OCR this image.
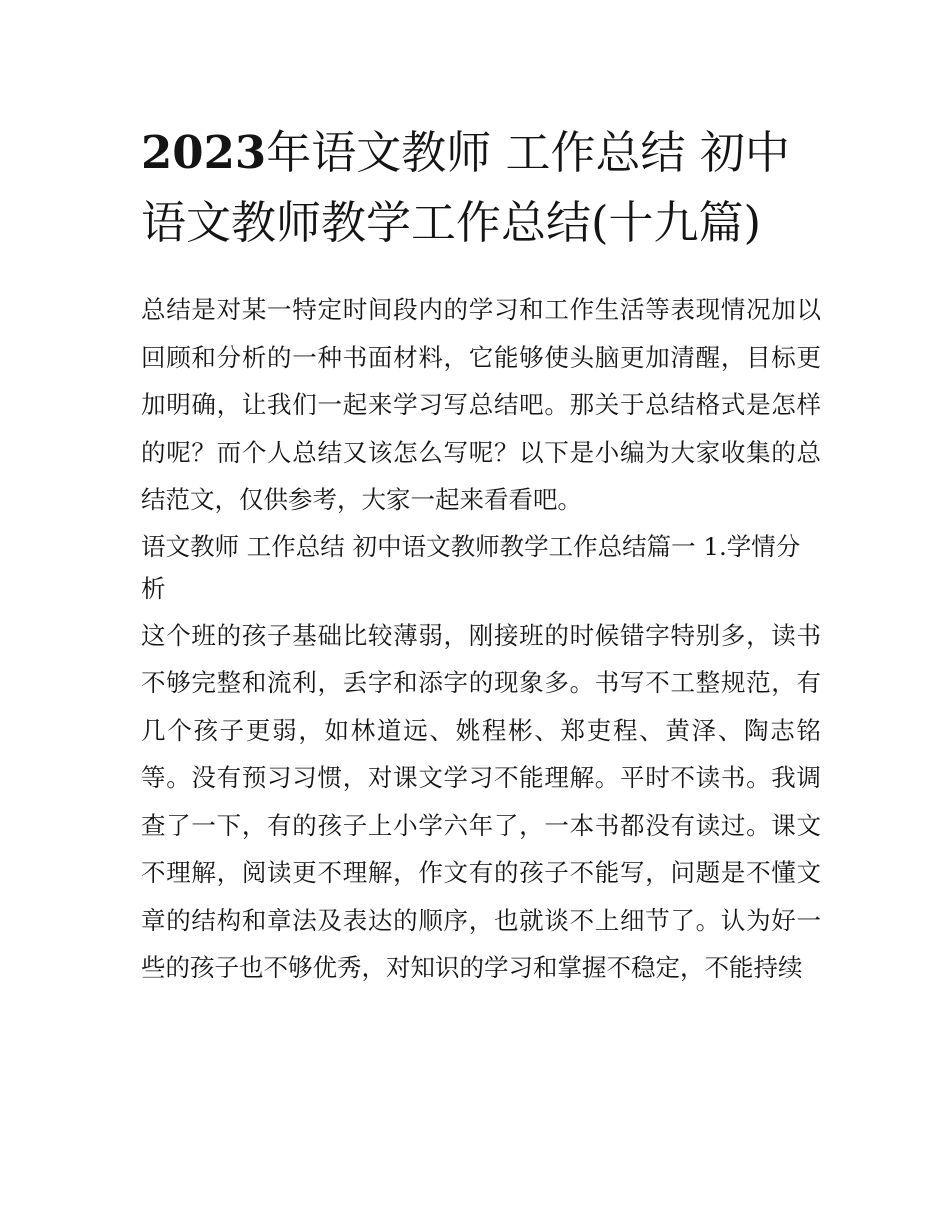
2023年语文教师 工作总结 初中语文教师教学工作总结(十九篇)

总结是对某一特定时间段内的学习和工作生活等表现情况加以回顾和分析的一种书面材料，它能够使头脑更加清醒，目标更加明确，让我们一起来学习写总结吧。那关于总结格式是怎样的呢？而个人总结又该怎么写呢？以下是小编为大家收集的总结范文，仅供参考，大家一起来看看吧。

语文教师 工作总结 初中语文教师教学工作总结篇一 1.学情分析

这个班的孩子基础比较薄弱，刚接班的时候错字特别多，读书不够完整和流利，丢字和添字的现象多。书写不工整规范，有几个孩子更弱，如林道远、姚程彬、郑吏程、黄泽、陶志铭等。没有预习习惯，对课文学习不能理解。平时不读书。我调查了一下，有的孩子上小学六年了，一本书都没有读过。课文不理解，阅读更不理解，作文有的孩子不能写，问题是不懂文章的结构和章法及表达的顺序，也就谈不上细节了。认为好一些的孩子也不够优秀，对知识的学习和掌握不稳定，不能持续
